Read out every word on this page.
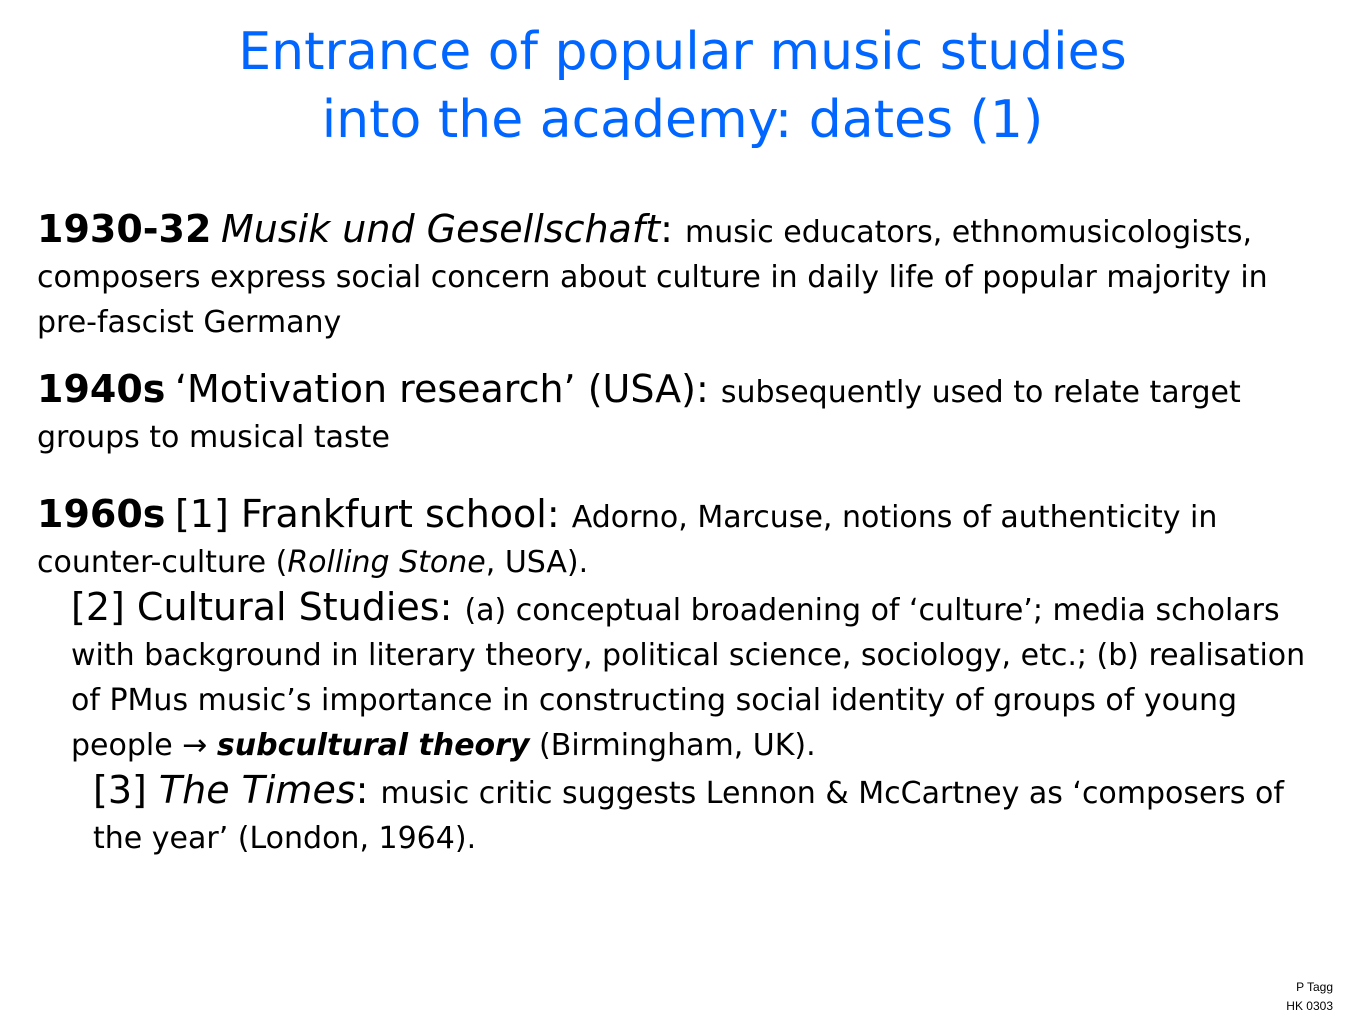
Entrance of popular music studies
into the academy: dates (1)
1930-32 Musik und Gesellschaft: music educators, ethnomusicologists, composers express social concern about culture in daily life of popular majority in pre-fascist Germany
1940s ‘Motivation research’ (USA): subsequently used to relate target groups to musical taste
1960s [1] Frankfurt school: Adorno, Marcuse, notions of authenticity in counter-culture (Rolling Stone, USA).
[2] Cultural Studies: (a) conceptual broadening of ‘culture’; media scholars with background in literary theory, political science, sociology, etc.; (b) realisation of PMus music’s importance in constructing social identity of groups of young people → subcultural theory (Birmingham, UK).
[3] The Times: music critic suggests Lennon & McCartney as ‘composers of the year’ (London, 1964).
P Tagg
HK 0303
